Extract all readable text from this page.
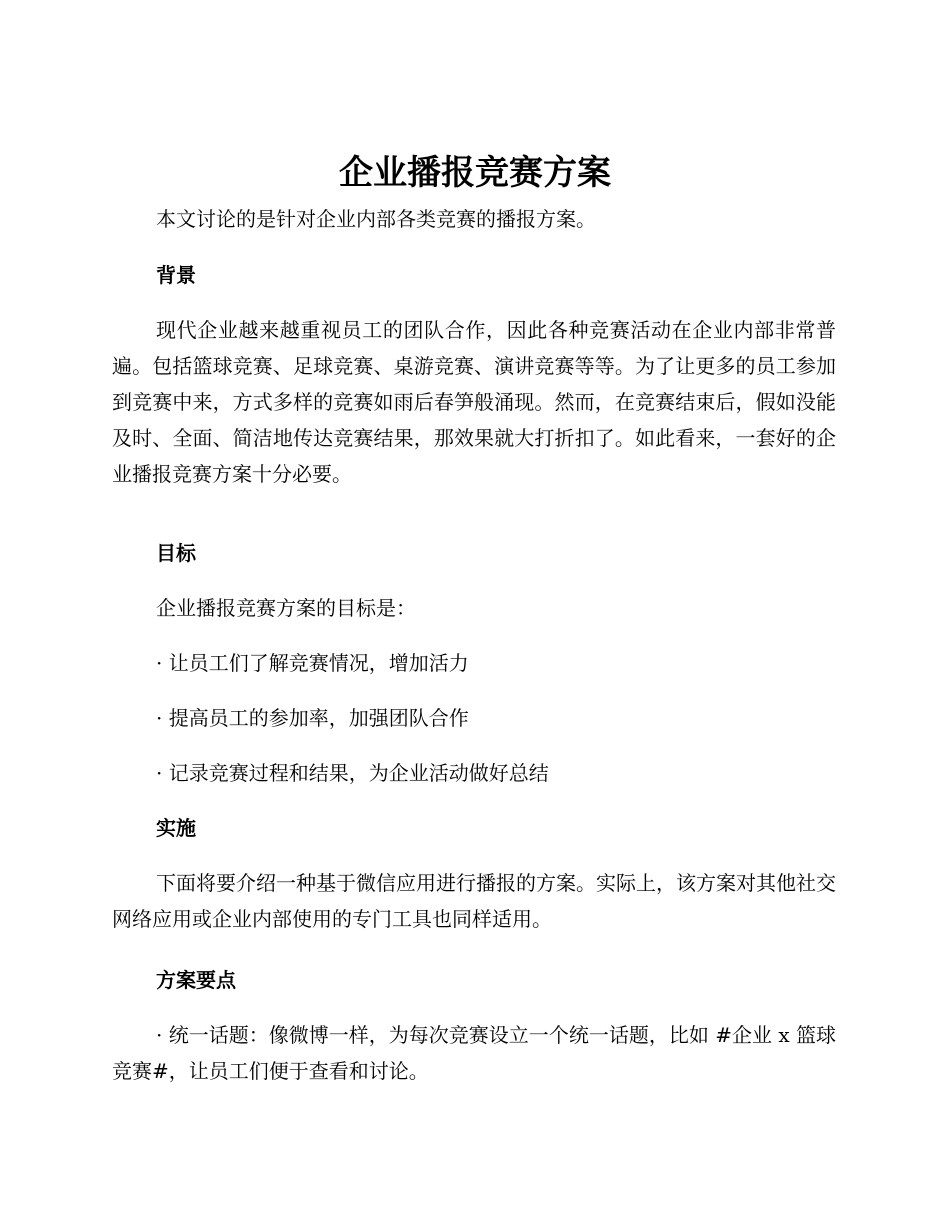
企业播报竞赛方案

本文讨论的是针对企业内部各类竞赛的播报方案。

背景

现代企业越来越重视员工的团队合作，因此各种竞赛活动在企业内部非常普遍。包括篮球竞赛、足球竞赛、桌游竞赛、演讲竞赛等等。为了让更多的员工参加到竞赛中来，方式多样的竞赛如雨后春笋般涌现。然而，在竞赛结束后，假如没能及时、全面、简洁地传达竞赛结果，那效果就大打折扣了。如此看来，一套好的企业播报竞赛方案十分必要。

目标

企业播报竞赛方案的目标是：

· 让员工们了解竞赛情况，增加活力

· 提高员工的参加率，加强团队合作

· 记录竞赛过程和结果，为企业活动做好总结

实施

下面将要介绍一种基于微信应用进行播报的方案。实际上，该方案对其他社交网络应用或企业内部使用的专门工具也同样适用。

方案要点

· 统一话题：像微博一样，为每次竞赛设立一个统一话题，比如 #企业 x 篮球竞赛#，让员工们便于查看和讨论。
